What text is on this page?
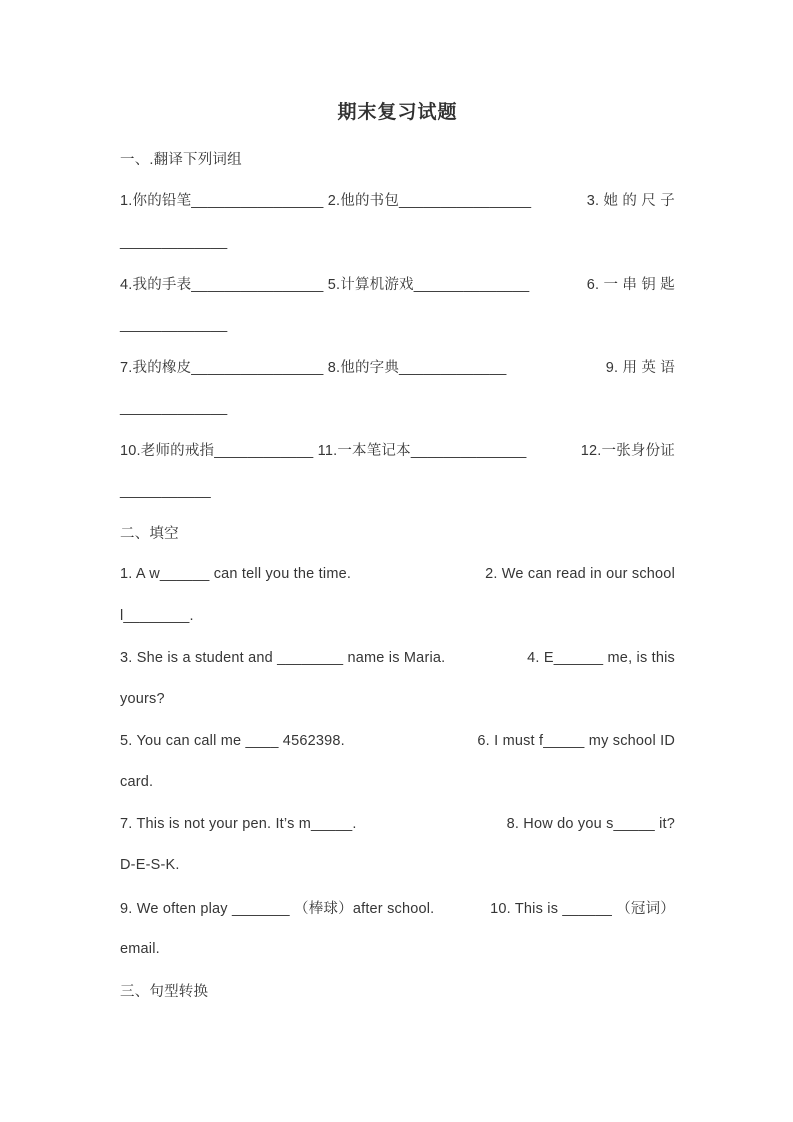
期末复习试题
一、.翻译下列词组
1.你的铅笔________________ 2.他的书包________________	3. 她 的 尺 子
_____________
4.我的手表________________ 5.计算机游戏______________	6. 一 串 钥 匙
_____________
7.我的橡皮________________ 8.他的字典_____________	9. 用 英 语
_____________
10.老师的戒指____________ 11.一本笔记本______________	12.一张身份证
___________
二、填空
1. A w______ can tell you the time.	2. We can read in our school
l________.
3. She is a student and ________ name is Maria.	4. E______ me, is this
yours?
5. You can call me ____ 4562398.	6. I must f_____ my school ID
card.
7. This is not your pen. It’s m_____.	8. How do you s_____ it?
D-E-S-K.
9. We often play _______ （棒球）after school.	10. This is ______ （冠词）
email.
三、句型转换
